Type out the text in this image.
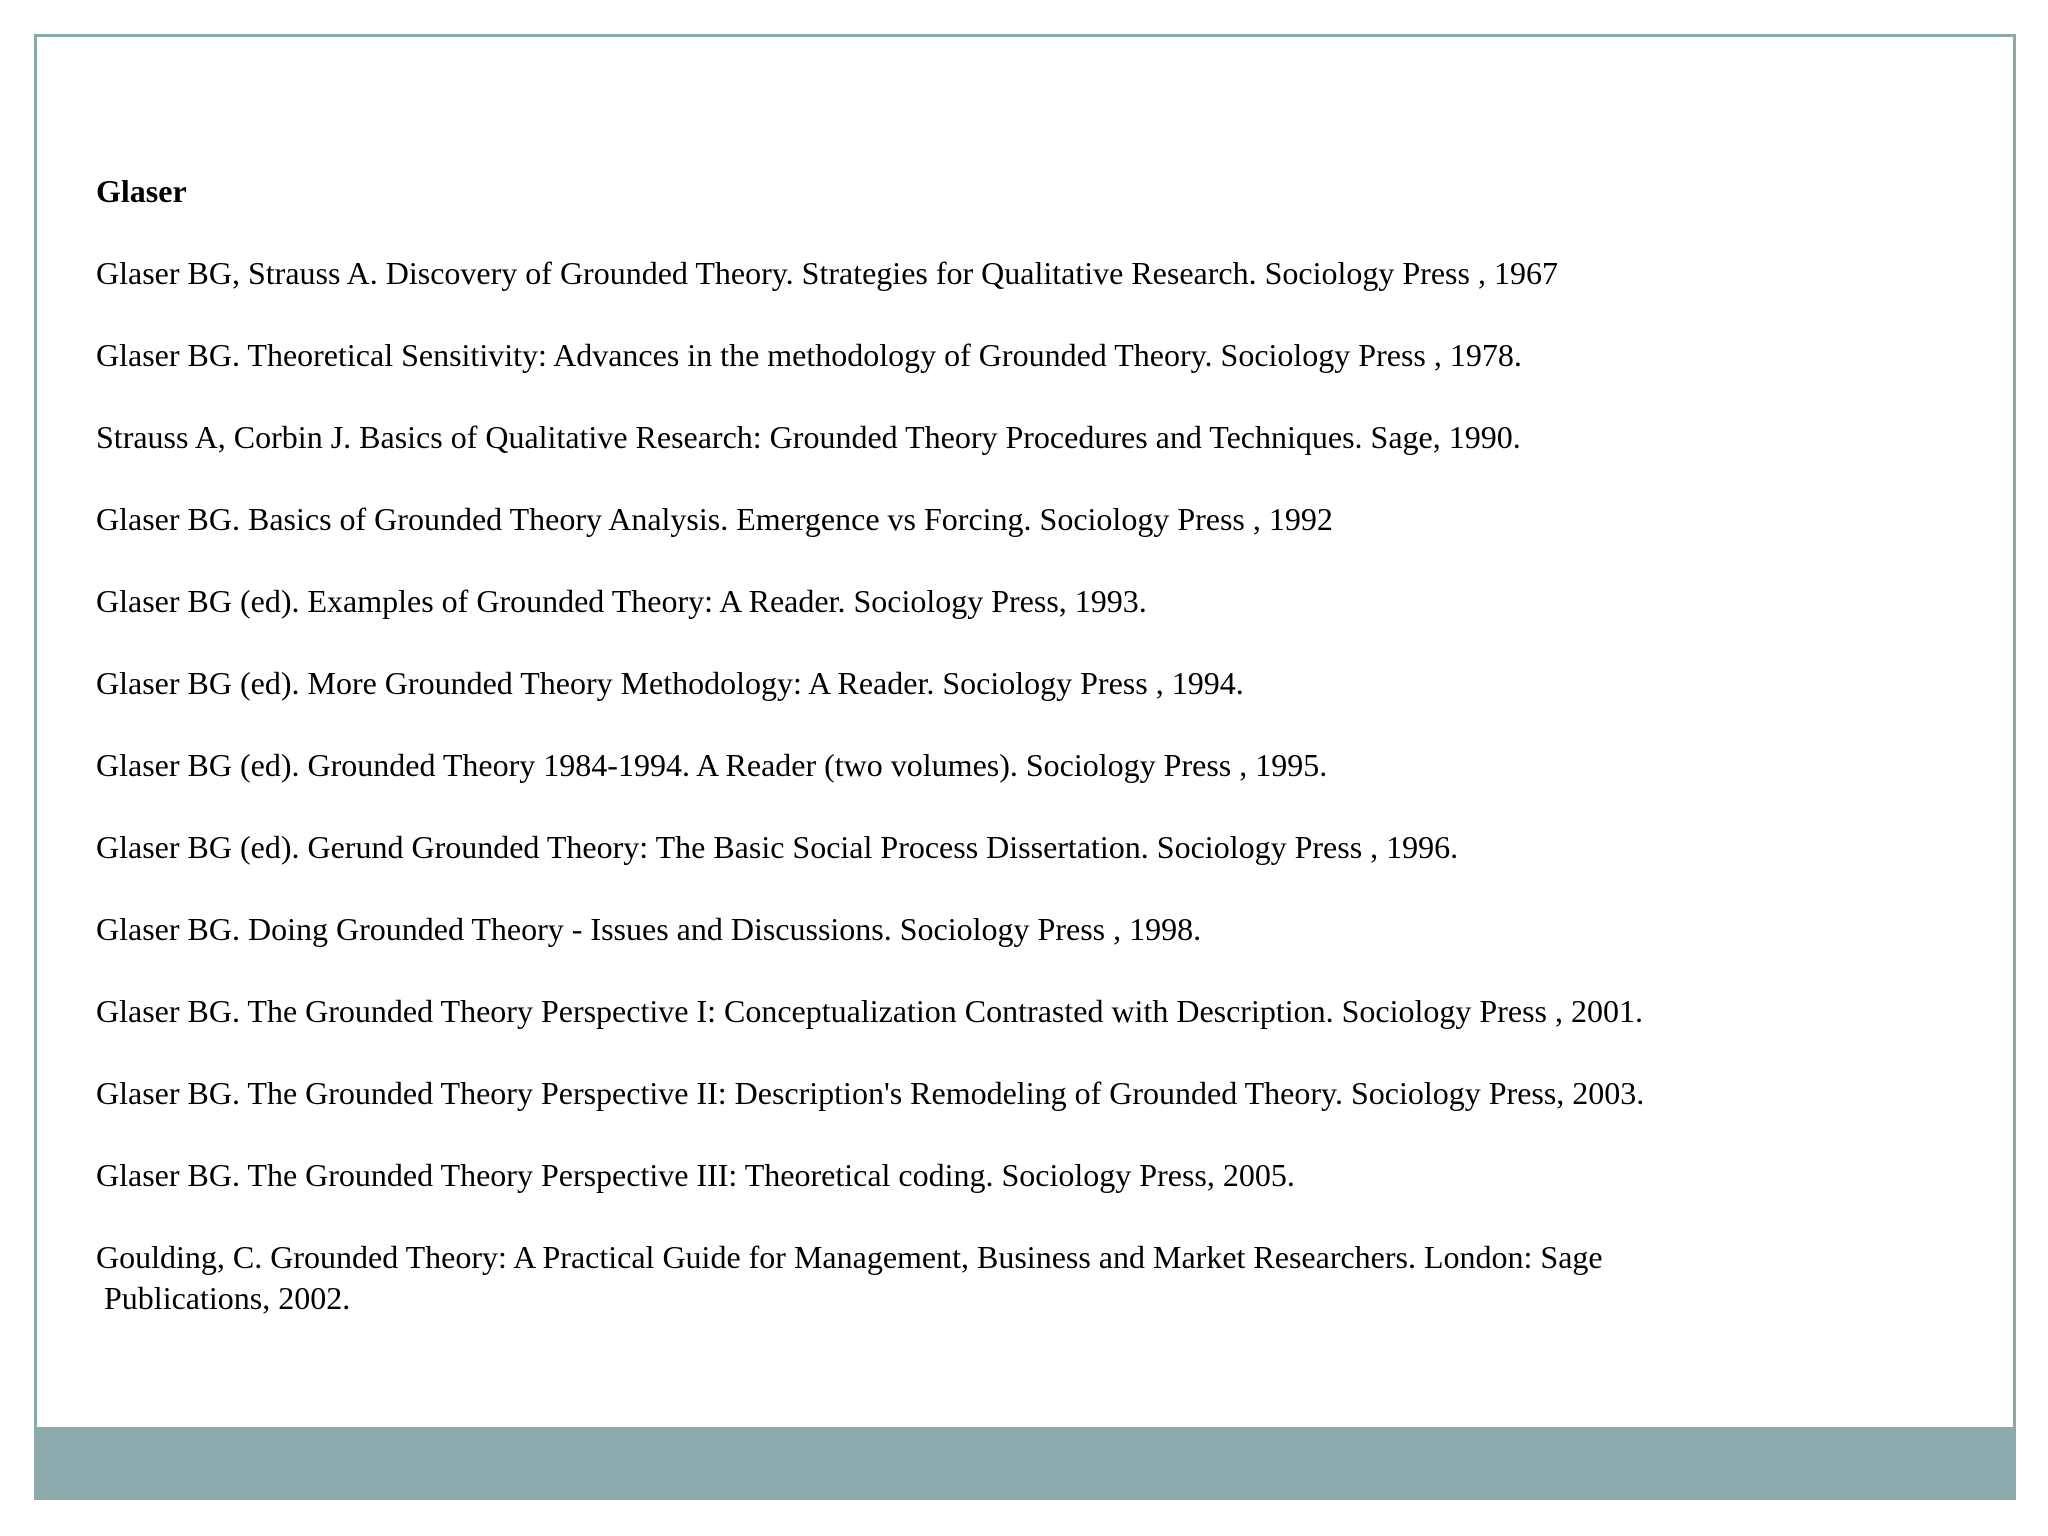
Glaser
Glaser BG, Strauss A. Discovery of Grounded Theory. Strategies for Qualitative Research. Sociology Press , 1967
Glaser BG. Theoretical Sensitivity: Advances in the methodology of Grounded Theory. Sociology Press , 1978.
Strauss A, Corbin J. Basics of Qualitative Research: Grounded Theory Procedures and Techniques. Sage, 1990.
Glaser BG. Basics of Grounded Theory Analysis. Emergence vs Forcing. Sociology Press , 1992
Glaser BG (ed). Examples of Grounded Theory: A Reader. Sociology Press, 1993.
Glaser BG (ed). More Grounded Theory Methodology: A Reader. Sociology Press , 1994.
Glaser BG (ed). Grounded Theory 1984-1994. A Reader (two volumes). Sociology Press , 1995.
Glaser BG (ed). Gerund Grounded Theory: The Basic Social Process Dissertation. Sociology Press , 1996.
Glaser BG. Doing Grounded Theory - Issues and Discussions. Sociology Press , 1998.
Glaser BG. The Grounded Theory Perspective I: Conceptualization Contrasted with Description. Sociology Press , 2001.
Glaser BG. The Grounded Theory Perspective II: Description's Remodeling of Grounded Theory. Sociology Press, 2003.
Glaser BG. The Grounded Theory Perspective III: Theoretical coding. Sociology Press, 2005.
Goulding, C. Grounded Theory: A Practical Guide for Management, Business and Market Researchers. London: Sage
Publications, 2002.
